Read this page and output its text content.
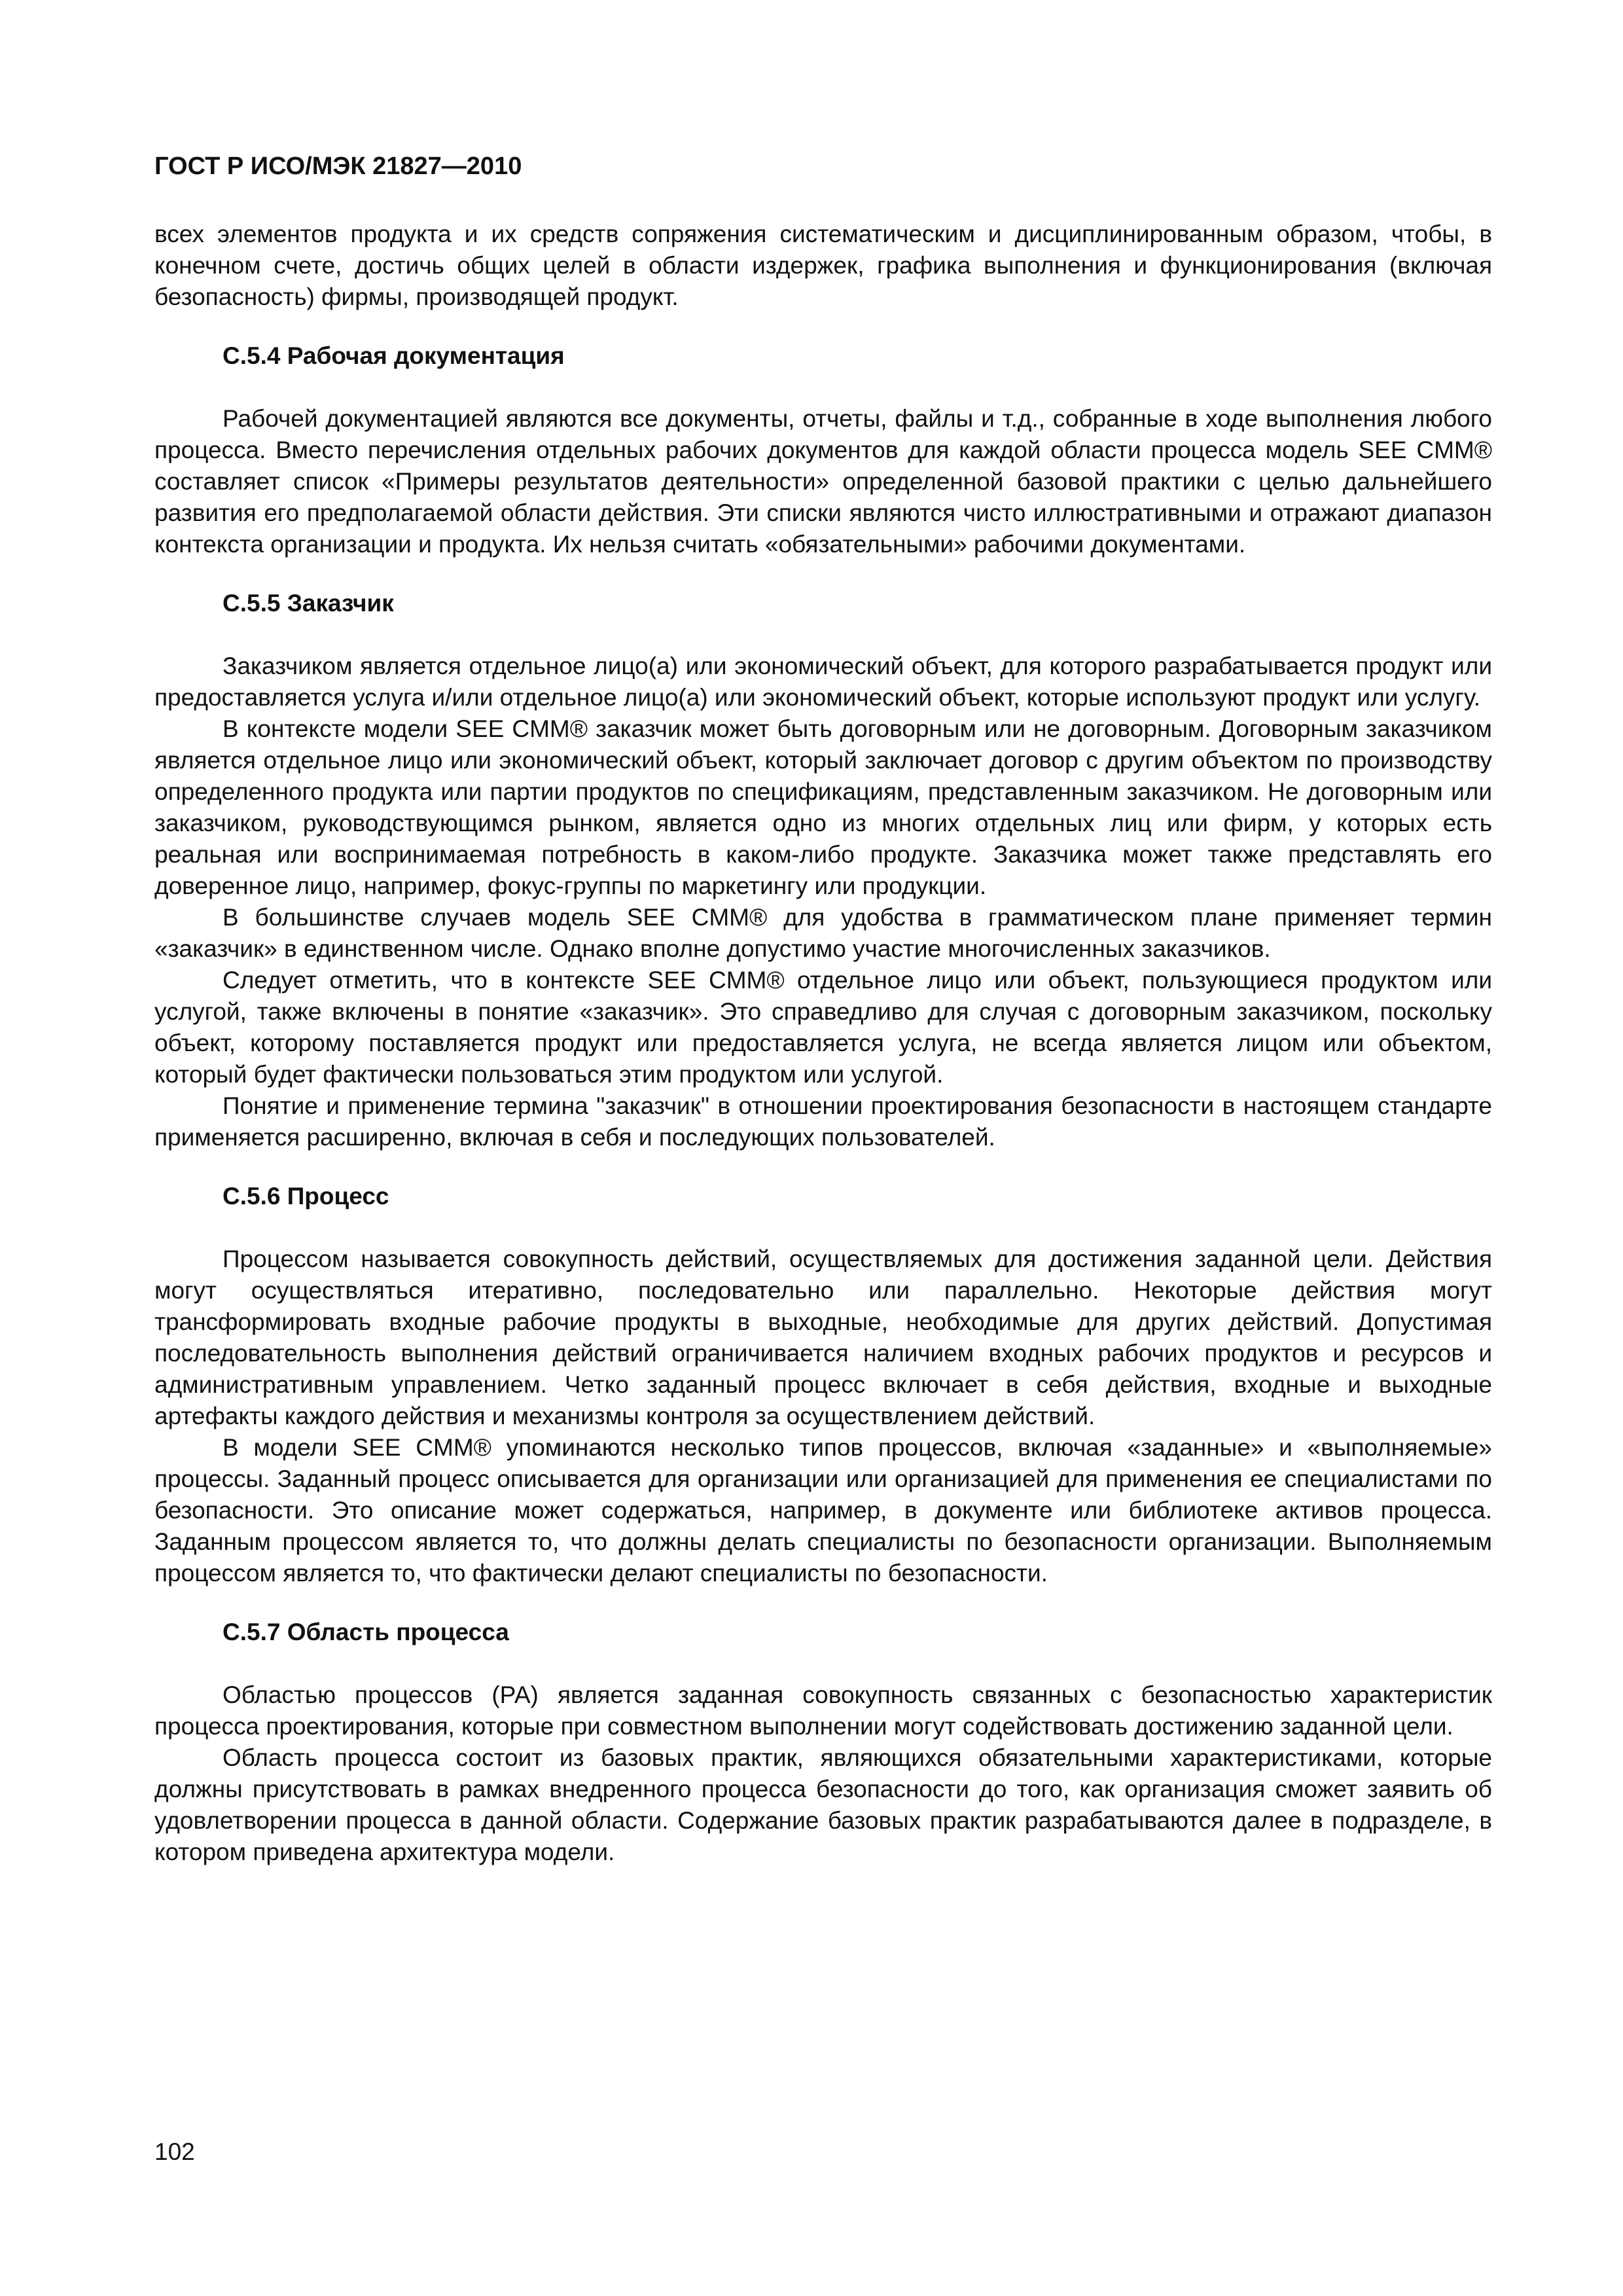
ГОСТ Р ИСО/МЭК 21827—2010

всех элементов продукта и их средств сопряжения систематическим и дисциплинированным образом, чтобы, в конечном счете, достичь общих целей в области издержек, графика выполнения и функционирования (включая безопасность) фирмы, производящей продукт.

С.5.4 Рабочая документация

Рабочей документацией являются все документы, отчеты, файлы и т.д., собранные в ходе выполнения любого процесса. Вместо перечисления отдельных рабочих документов для каждой области процесса модель SEE CMM® составляет список «Примеры результатов деятельности» определенной базовой практики с целью дальнейшего развития его предполагаемой области действия. Эти списки являются чисто иллюстративными и отражают диапазон контекста организации и продукта. Их нельзя считать «обязательными» рабочими документами.

С.5.5 Заказчик

Заказчиком является отдельное лицо(а) или экономический объект, для которого разрабатывается продукт или предоставляется услуга и/или отдельное лицо(а) или экономический объект, которые используют продукт или услугу.

В контексте модели SEE CMM® заказчик может быть договорным или не договорным. Договорным заказчиком является отдельное лицо или экономический объект, который заключает договор с другим объектом по производству определенного продукта или партии продуктов по спецификациям, представленным заказчиком. Не договорным или заказчиком, руководствующимся рынком, является одно из многих отдельных лиц или фирм, у которых есть реальная или воспринимаемая потребность в каком-либо продукте. Заказчика может также представлять его доверенное лицо, например, фокус-группы по маркетингу или продукции.

В большинстве случаев модель SEE CMM® для удобства в грамматическом плане применяет термин «заказчик» в единственном числе. Однако вполне допустимо участие многочисленных заказчиков.

Следует отметить, что в контексте SEE CMM® отдельное лицо или объект, пользующиеся продуктом или услугой, также включены в понятие «заказчик». Это справедливо для случая с договорным заказчиком, поскольку объект, которому поставляется продукт или предоставляется услуга, не всегда является лицом или объектом, который будет фактически пользоваться этим продуктом или услугой.

Понятие и применение термина "заказчик" в отношении проектирования безопасности в настоящем стандарте применяется расширенно, включая в себя и последующих пользователей.

С.5.6 Процесс

Процессом называется совокупность действий, осуществляемых для достижения заданной цели. Действия могут осуществляться итеративно, последовательно или параллельно. Некоторые действия могут трансформировать входные рабочие продукты в выходные, необходимые для других действий. Допустимая последовательность выполнения действий ограничивается наличием входных рабочих продуктов и ресурсов и административным управлением. Четко заданный процесс включает в себя действия, входные и выходные артефакты каждого действия и механизмы контроля за осуществлением действий.

В модели SEE CMM® упоминаются несколько типов процессов, включая «заданные» и «выполняемые» процессы. Заданный процесс описывается для организации или организацией для применения ее специалистами по безопасности. Это описание может содержаться, например, в документе или библиотеке активов процесса. Заданным процессом является то, что должны делать специалисты по безопасности организации. Выполняемым процессом является то, что фактически делают специалисты по безопасности.

С.5.7 Область процесса

Областью процессов (РА) является заданная совокупность связанных с безопасностью характеристик процесса проектирования, которые при совместном выполнении могут содействовать достижению заданной цели.

Область процесса состоит из базовых практик, являющихся обязательными характеристиками, которые должны присутствовать в рамках внедренного процесса безопасности до того, как организация сможет заявить об удовлетворении процесса в данной области. Содержание базовых практик разрабатываются далее в подразделе, в котором приведена архитектура модели.

102
